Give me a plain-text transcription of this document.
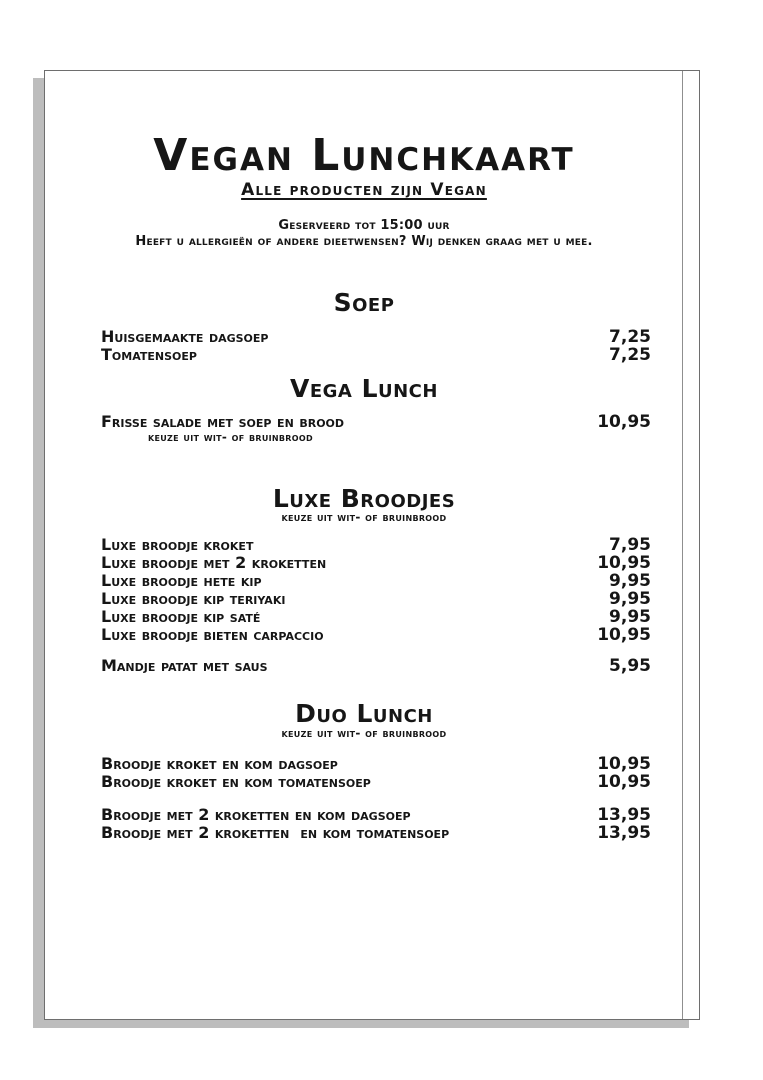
Vegan Lunchkaart
Alle producten zijn Vegan
Geserveerd tot 15:00 uur
Heeft u allergieën of andere dieetwensen? Wij denken graag met u mee.
Soep
Huisgemaakte dagsoep	7,25
Tomatensoep	7,25
Vega Lunch
Frisse salade met soep en brood	10,95
keuze uit wit- of bruinbrood
Luxe Broodjes
keuze uit wit- of bruinbrood
Luxe broodje kroket	7,95
Luxe broodje met 2 kroketten	10,95
Luxe broodje hete kip	9,95
Luxe broodje kip teriyaki	9,95
Luxe broodje kip saté	9,95
Luxe broodje bieten carpaccio	10,95
Mandje patat met saus	5,95
Duo Lunch
keuze uit wit- of bruinbrood
Broodje kroket en kom dagsoep	10,95
Broodje kroket en kom tomatensoep	10,95
Broodje met 2 kroketten en kom dagsoep	13,95
Broodje met 2 kroketten  en kom tomatensoep	13,95
